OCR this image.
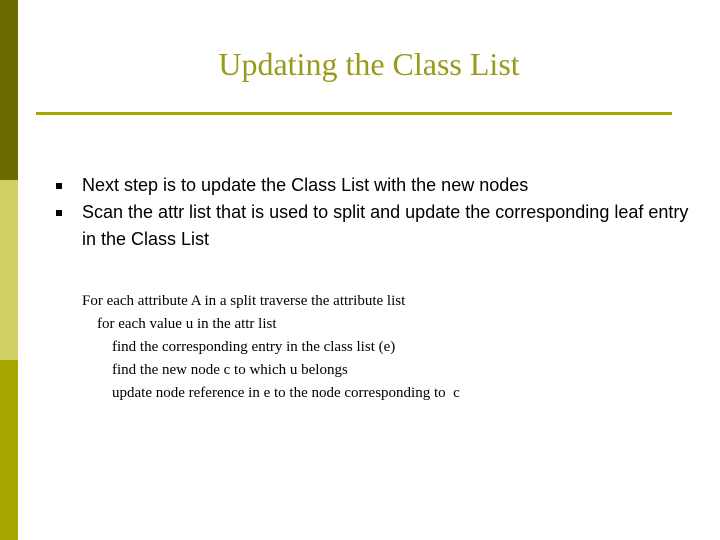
Updating the Class List
Next step is to update the Class List with the new nodes
Scan the attr list that is used to split and update the corresponding leaf entry in the Class List
For each attribute A in a split traverse the attribute list
for each value u in the attr list
find the corresponding entry in the class list (e)
find the new node c to which u belongs
update node reference in e to the node corresponding to  c
